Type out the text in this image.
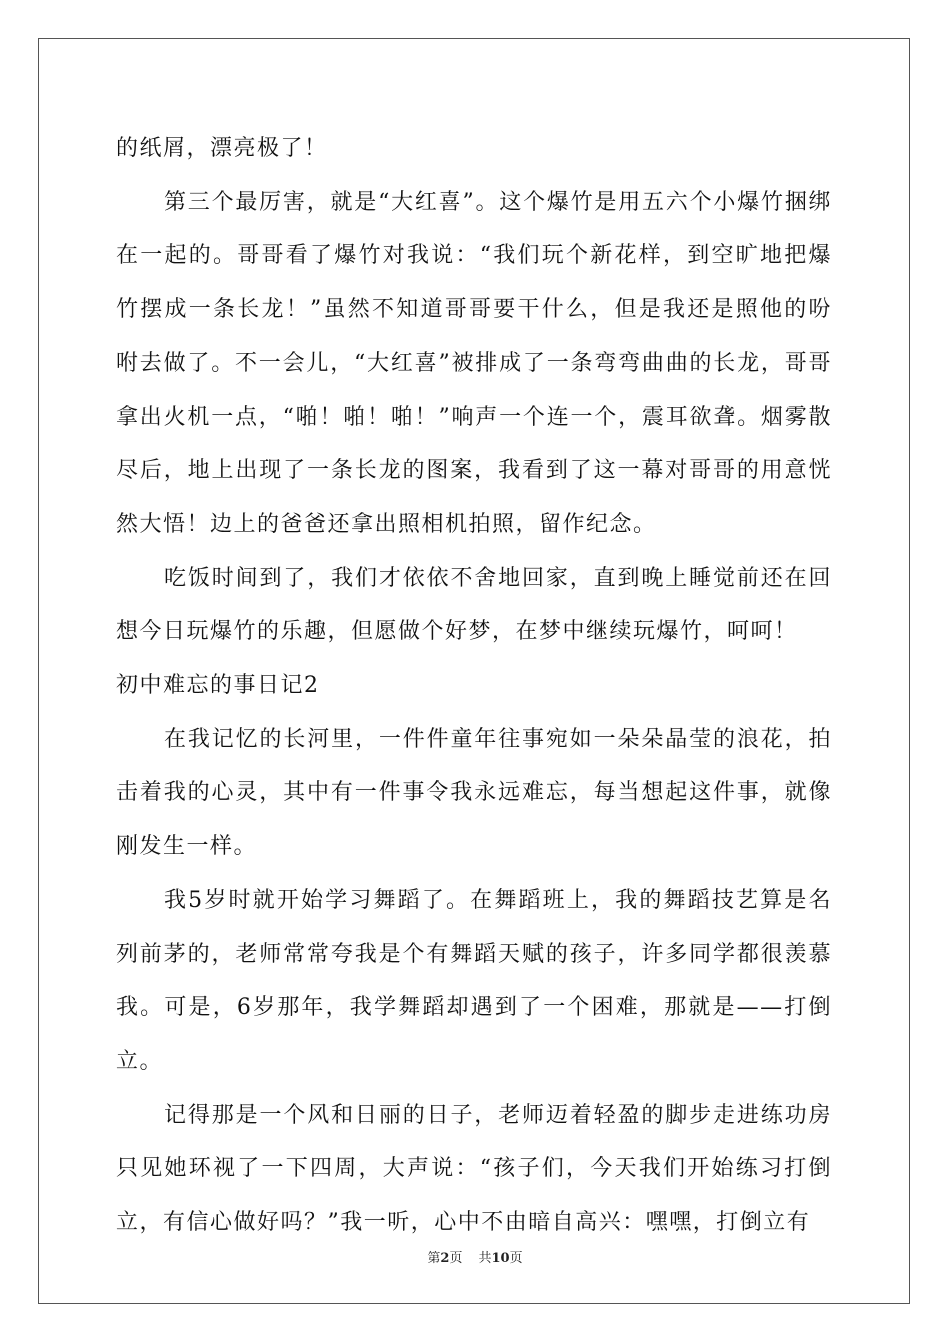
的纸屑，漂亮极了！

第三个最厉害，就是“大红喜”。这个爆竹是用五六个小爆竹捆绑在一起的。哥哥看了爆竹对我说：“我们玩个新花样，到空旷地把爆竹摆成一条长龙！”虽然不知道哥哥要干什么，但是我还是照他的吩咐去做了。不一会儿，“大红喜”被排成了一条弯弯曲曲的长龙，哥哥拿出火机一点，“啪！啪！啪！”响声一个连一个，震耳欲聋。烟雾散尽后，地上出现了一条长龙的图案，我看到了这一幕对哥哥的用意恍然大悟！边上的爸爸还拿出照相机拍照，留作纪念。

吃饭时间到了，我们才依依不舍地回家，直到晚上睡觉前还在回想今日玩爆竹的乐趣，但愿做个好梦，在梦中继续玩爆竹，呵呵！

初中难忘的事日记2

在我记忆的长河里，一件件童年往事宛如一朵朵晶莹的浪花，拍击着我的心灵，其中有一件事令我永远难忘，每当想起这件事，就像刚发生一样。

我5岁时就开始学习舞蹈了。在舞蹈班上，我的舞蹈技艺算是名列前茅的，老师常常夸我是个有舞蹈天赋的孩子，许多同学都很羡慕我。可是，6岁那年，我学舞蹈却遇到了一个困难，那就是——打倒立。

记得那是一个风和日丽的日子，老师迈着轻盈的脚步走进练功房只见她环视了一下四周，大声说：“孩子们，今天我们开始练习打倒立，有信心做好吗？”我一听，心中不由暗自高兴：嘿嘿，打倒立有

第2页 共10页
